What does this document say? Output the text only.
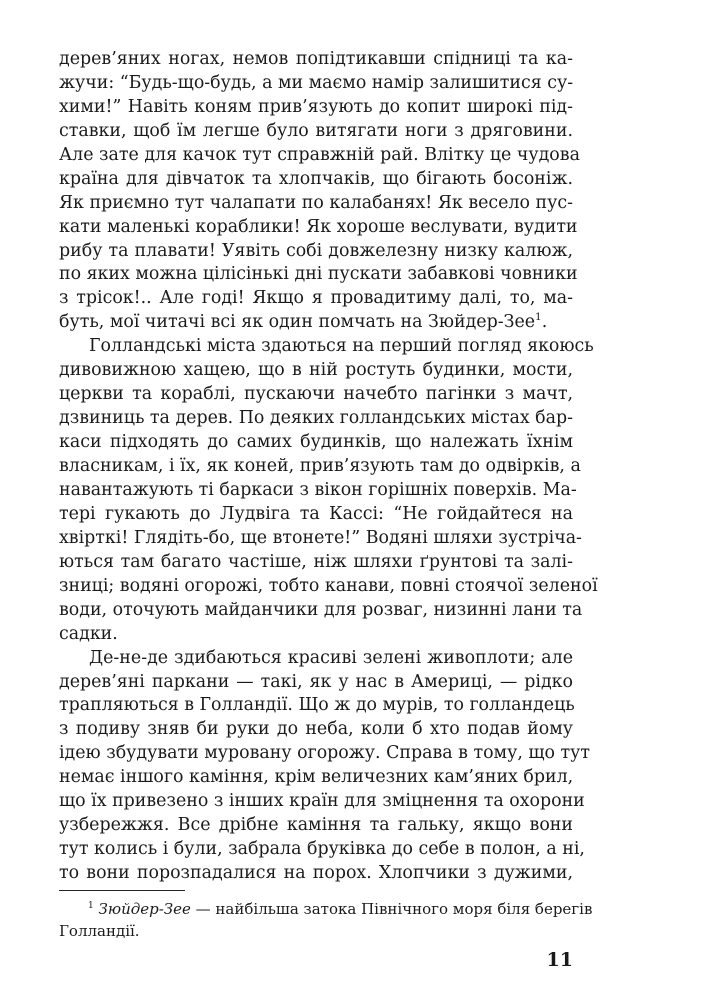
дерев’яних ногах, немов попідтикавши спідниці та ка-
жучи: “Будь-що-будь, а ми маємо намір залишитися су-
хими!” Навіть коням прив’язують до копит широкі під-
ставки, щоб їм легше було витягати ноги з дряговини.
Але зате для качок тут справжній рай. Влітку це чудова
країна для дівчаток та хлопчаків, що бігають босоніж.
Як приємно тут чалапати по калабанях! Як весело пус-
кати маленькі кораблики! Як хороше веслувати, вудити
рибу та плавати! Уявіть собі довжелезну низку калюж,
по яких можна цілісінькі дні пускати забавкові човники
з трісок!.. Але годі! Якщо я провадитиму далі, то, ма-
буть, мої читачі всі як один помчать на Зюйдер-Зее$^1$.
Голландські міста здаються на перший погляд якоюсь
дивовижною хащею, що в ній ростуть будинки, мости,
церкви та кораблі, пускаючи начебто пагінки з мачт,
дзвиниць та дерев. По деяких голландських містах бар-
каси підходять до самих будинків, що належать їхнім
власникам, і їх, як коней, прив’язують там до одвірків, а
навантажують ті баркаси з вікон горішніх поверхів. Ма-
тері гукають до Лудвіга та Кассі: “Не гойдайтеся на
хвірткі! Глядіть-бо, ще втонете!” Водяні шляхи зустріча-
ються там багато частіше, ніж шляхи ґрунтові та залі-
зниці; водяні огорожі, тобто канави, повні стоячої зеленої
води, оточують майданчики для розваг, низинні лани та
садки.
Де-не-де здибаються красиві зелені живоплоти; але
дерев’яні паркани — такі, як у нас в Америці, — рідко
трапляються в Голландії. Що ж до мурів, то голландець
з подиву зняв би руки до неба, коли б хто подав йому
ідею збудувати муровану огорожу. Справа в тому, що тут
немає іншого каміння, крім величезних кам’яних брил,
що їх привезено з інших країн для зміцнення та охорони
узбережжя. Все дрібне каміння та гальку, якщо вони
тут колись і були, забрала бруківка до себе в полон, а ні,
то вони порозпадалися на порох. Хлопчики з дужими,
$^1$ Зюйдер-Зее — найбільша затока Північного моря біля берегів
Голландії.
11
